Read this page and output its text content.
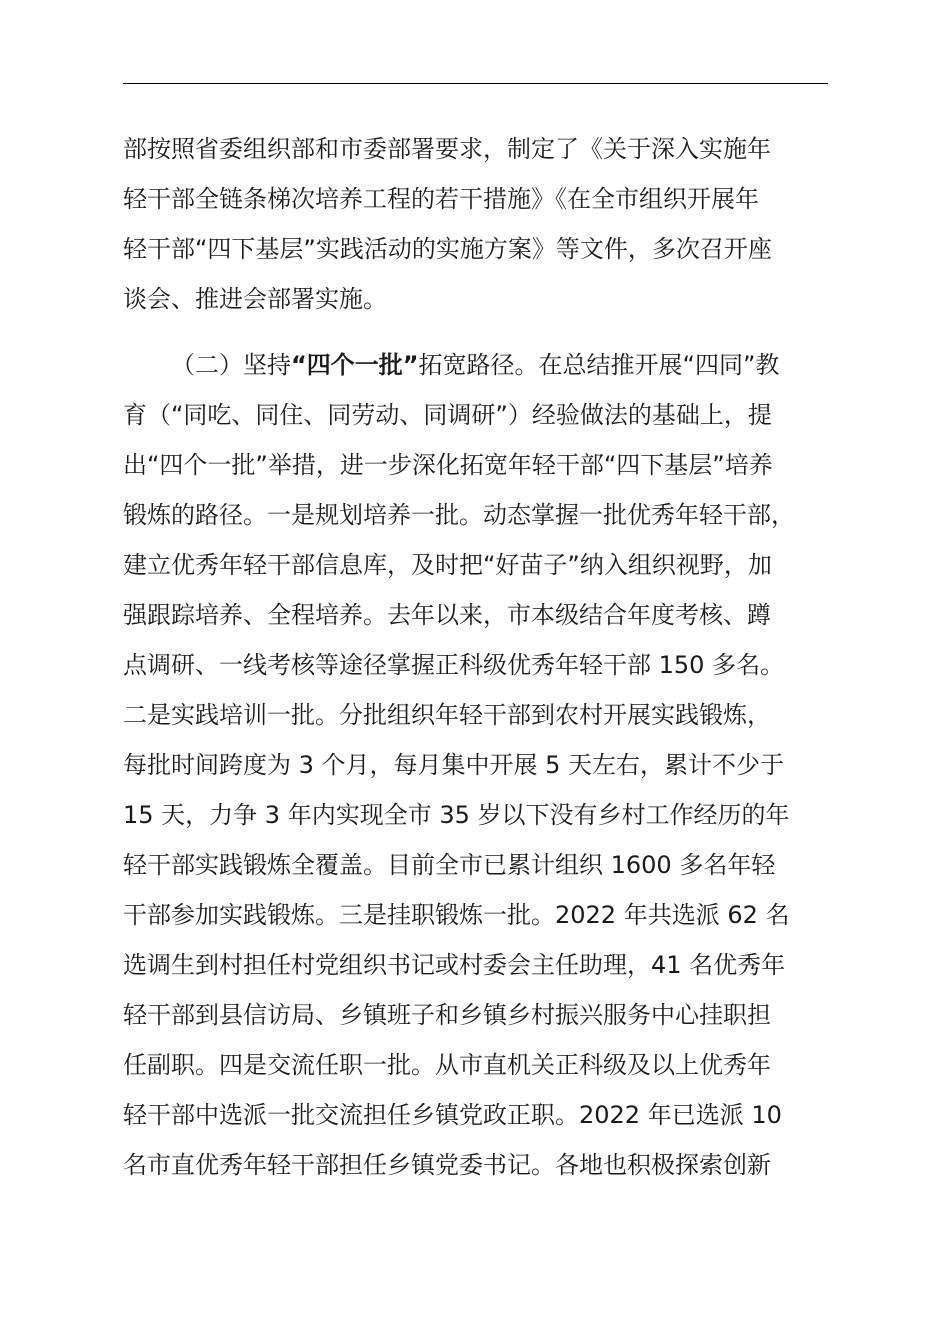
部按照省委组织部和市委部署要求，制定了《关于深入实施年
轻干部全链条梯次培养工程的若干措施》《在全市组织开展年
轻干部“四下基层”实践活动的实施方案》等文件，多次召开座
谈会、推进会部署实施。
（二）坚持“四个一批”拓宽路径。在总结推开展“四同”教
育（“同吃、同住、同劳动、同调研”）经验做法的基础上，提
出“四个一批”举措，进一步深化拓宽年轻干部“四下基层”培养
锻炼的路径。一是规划培养一批。动态掌握一批优秀年轻干部，
建立优秀年轻干部信息库，及时把“好苗子”纳入组织视野，加
强跟踪培养、全程培养。去年以来，市本级结合年度考核、蹲
点调研、一线考核等途径掌握正科级优秀年轻干部 150 多名。
二是实践培训一批。分批组织年轻干部到农村开展实践锻炼，
每批时间跨度为 3 个月，每月集中开展 5 天左右，累计不少于
15 天，力争 3 年内实现全市 35 岁以下没有乡村工作经历的年
轻干部实践锻炼全覆盖。目前全市已累计组织 1600 多名年轻
干部参加实践锻炼。三是挂职锻炼一批。2022 年共选派 62 名
选调生到村担任村党组织书记或村委会主任助理，41 名优秀年
轻干部到县信访局、乡镇班子和乡镇乡村振兴服务中心挂职担
任副职。四是交流任职一批。从市直机关正科级及以上优秀年
轻干部中选派一批交流担任乡镇党政正职。2022 年已选派 10
名市直优秀年轻干部担任乡镇党委书记。各地也积极探索创新
